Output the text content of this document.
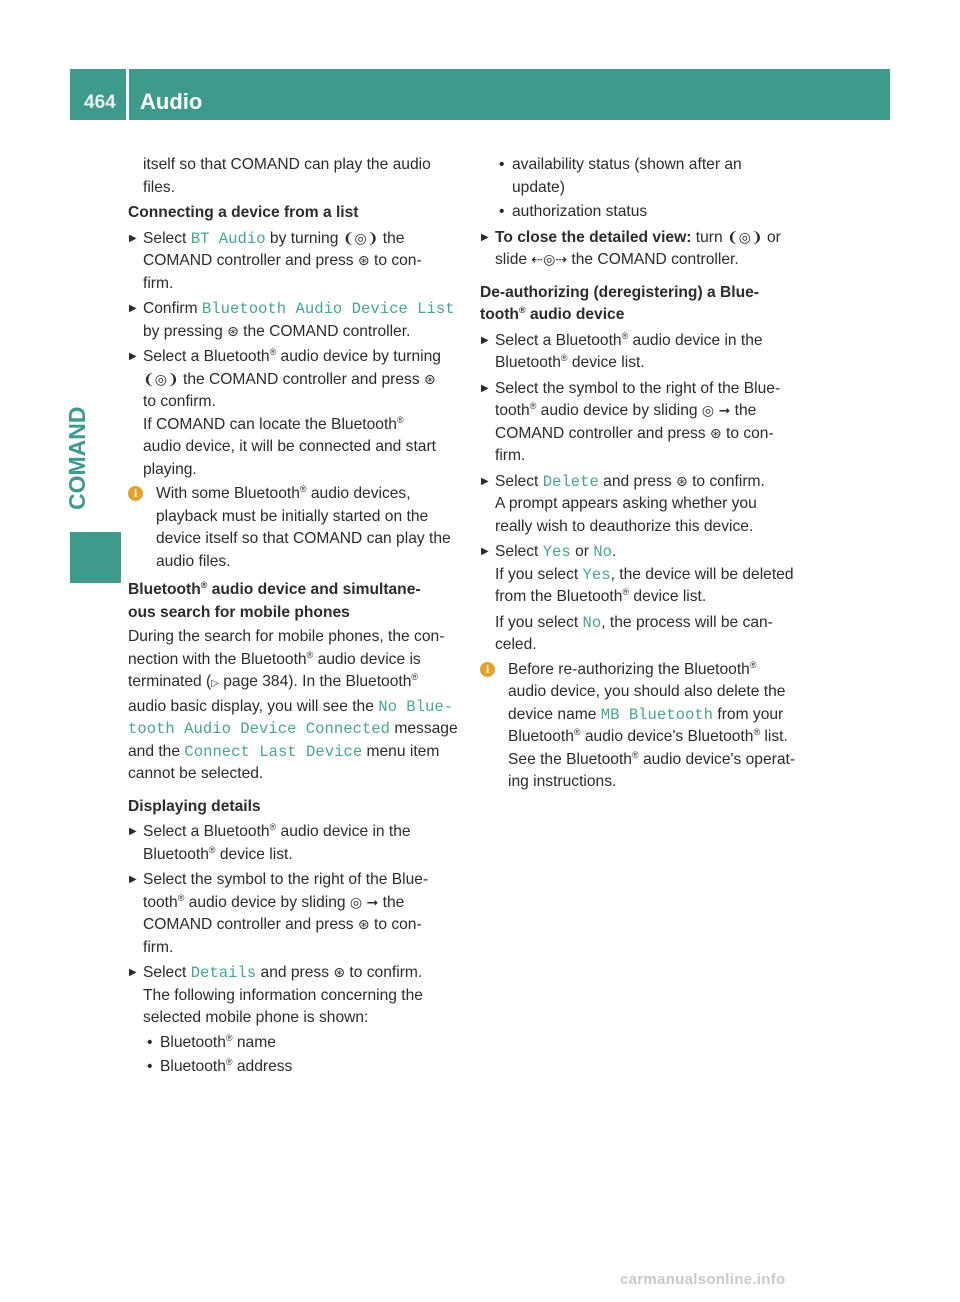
464 Audio
COMAND

itself so that COMAND can play the audio
files.

Connecting a device from a list

▶ Select BT Audio by turning ❨◎❩ the
COMAND controller and press ⊛ to con-
firm.
▶ Confirm Bluetooth Audio Device List
by pressing ⊛ the COMAND controller.
▶ Select a Bluetooth® audio device by turning
❨◎❩ the COMAND controller and press ⊛
to confirm.
If COMAND can locate the Bluetooth®
audio device, it will be connected and start
playing.
i	With some Bluetooth® audio devices,
playback must be initially started on the
device itself so that COMAND can play the
audio files.

Bluetooth® audio device and simultane-
ous search for mobile phones

During the search for mobile phones, the con-
nection with the Bluetooth® audio device is
terminated (▷ page 384). In the Bluetooth®
audio basic display, you will see the No Blue‐
tooth Audio Device Connected message
and the Connect Last Device menu item
cannot be selected.

Displaying details

▶ Select a Bluetooth® audio device in the
Bluetooth® device list.
▶ Select the symbol to the right of the Blue-
tooth® audio device by sliding ◎ ➞ the
COMAND controller and press ⊛ to con-
firm.
▶ Select Details and press ⊛ to confirm.
The following information concerning the
selected mobile phone is shown:
• Bluetooth® name
• Bluetooth® address
• availability status (shown after an
update)
• authorization status
▶ To close the detailed view: turn ❨◎❩ or
slide ⇠◎⇢ the COMAND controller.

De-authorizing (deregistering) a Blue-
tooth® audio device

▶ Select a Bluetooth® audio device in the
Bluetooth® device list.
▶ Select the symbol to the right of the Blue-
tooth® audio device by sliding ◎ ➞ the
COMAND controller and press ⊛ to con-
firm.
▶ Select Delete and press ⊛ to confirm.
A prompt appears asking whether you
really wish to deauthorize this device.
▶ Select Yes or No.
If you select Yes, the device will be deleted
from the Bluetooth® device list.

If you select No, the process will be can-
celed.
i	Before re-authorizing the Bluetooth®
audio device, you should also delete the
device name MB Bluetooth from your
Bluetooth® audio device's Bluetooth® list.
See the Bluetooth® audio device's operat-
ing instructions.
carmanualsonline.info
